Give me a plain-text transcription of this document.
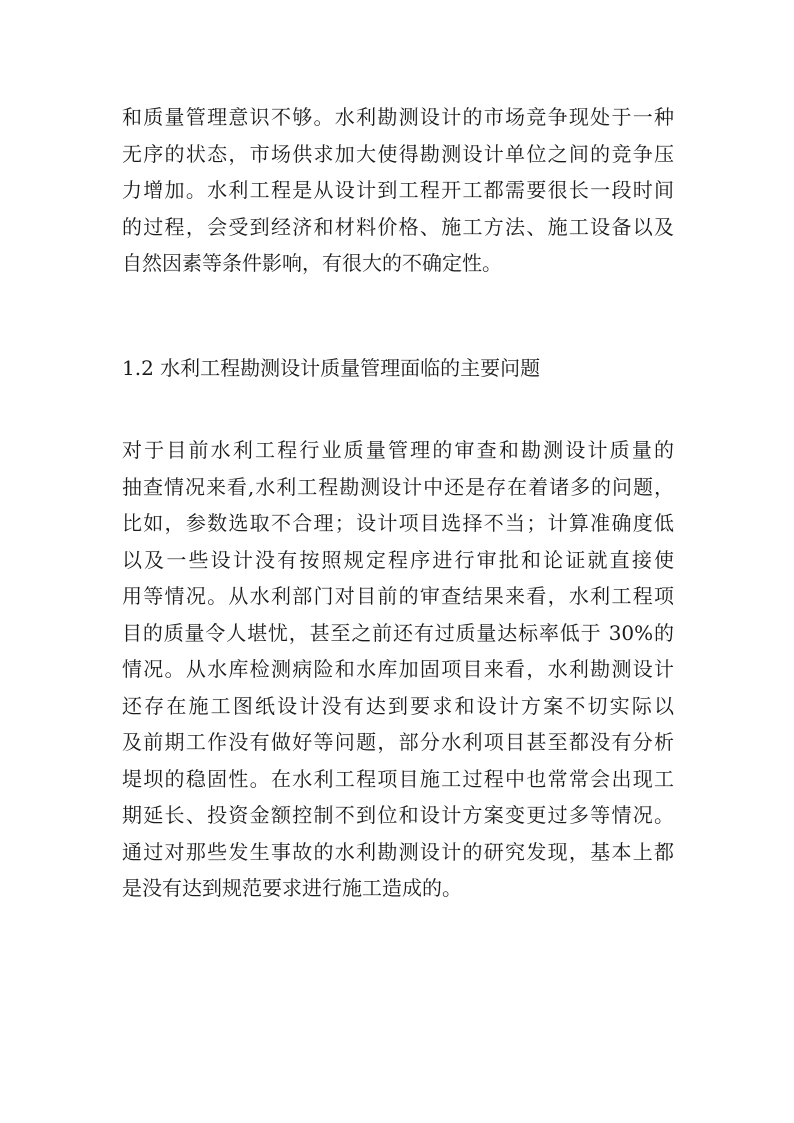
和质量管理意识不够。水利勘测设计的市场竞争现处于一种
无序的状态，市场供求加大使得勘测设计单位之间的竞争压
力增加。水利工程是从设计到工程开工都需要很长一段时间
的过程，会受到经济和材料价格、施工方法、施工设备以及
自然因素等条件影响，有很大的不确定性。
1.2 水利工程勘测设计质量管理面临的主要问题
对于目前水利工程行业质量管理的审查和勘测设计质量的
抽查情况来看,水利工程勘测设计中还是存在着诸多的问题，
比如，参数选取不合理；设计项目选择不当；计算准确度低
以及一些设计没有按照规定程序进行审批和论证就直接使
用等情况。从水利部门对目前的审查结果来看，水利工程项
目的质量令人堪忧，甚至之前还有过质量达标率低于 30%的
情况。从水库检测病险和水库加固项目来看，水利勘测设计
还存在施工图纸设计没有达到要求和设计方案不切实际以
及前期工作没有做好等问题，部分水利项目甚至都没有分析
堤坝的稳固性。在水利工程项目施工过程中也常常会出现工
期延长、投资金额控制不到位和设计方案变更过多等情况。
通过对那些发生事故的水利勘测设计的研究发现，基本上都
是没有达到规范要求进行施工造成的。
